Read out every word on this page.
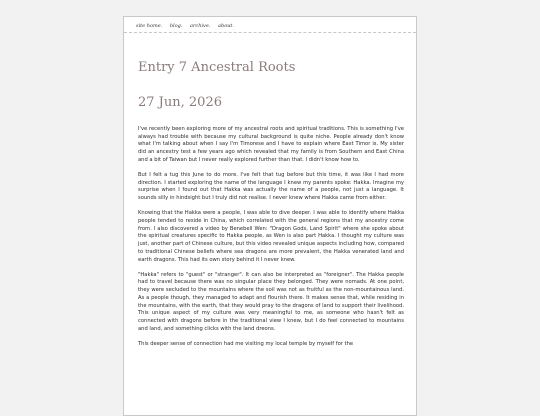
site home. blog. archive. about.
Entry 7 Ancestral Roots
27 Jun, 2026

I've recently been exploring more of my ancestral roots and spiritual traditions. This is something I've always had trouble with because my cultural background is quite niche. People already don't know what I'm talking about when I say I'm Timorese and I have to explain where East Timor is. My sister did an ancestry test a few years ago which revealed that my family is from Southern and East China and a bit of Taiwan but I never really explored further than that. I didn't know how to.

But I felt a tug this June to do more. I've felt that tug before but this time, it was like I had more direction. I started exploring the name of the language I knew my parents spoke: Hakka. Imagine my surprise when I found out that Hakka was actually the name of a people, not just a language. It sounds silly in hindsight but I truly did not realise. I never knew where Hakka came from either.

Knowing that the Hakka were a people, I was able to dive deeper. I was able to identify where Hakka people tended to reside in China, which correlated with the general regions that my ancestry come from. I also discovered a video by Benebell Wen: "Dragon Gods, Land Spirit" where she spoke about the spiritual creatures specific to Hakka people, as Wen is also part Hakka. I thought my culture was just, another part of Chinese culture, but this video revealed unique aspects including how, compared to traditional Chinese beliefs where sea dragons are more prevalent, the Hakka venerated land and earth dragons. This had its own story behind it I never knew.

"Hakka" refers to "guest" or "stranger". It can also be interpreted as "foreigner". The Hakka people had to travel because there was no singular place they belonged. They were nomads. At one point, they were secluded to the mountains where the soil was not as fruitful as the non-mountainous land. As a people though, they managed to adapt and flourish there. It makes sense that, while residing in the mountains, with the earth, that they would pray to the dragons of land to support their livelihood. This unique aspect of my culture was very meaningful to me, as someone who hasn't felt as connected with dragons before in the traditional view I knew, but I do feel connected to mountains and land, and something clicks with the land dreons.

This deeper sense of connection had me visiting my local temple by myself for the
